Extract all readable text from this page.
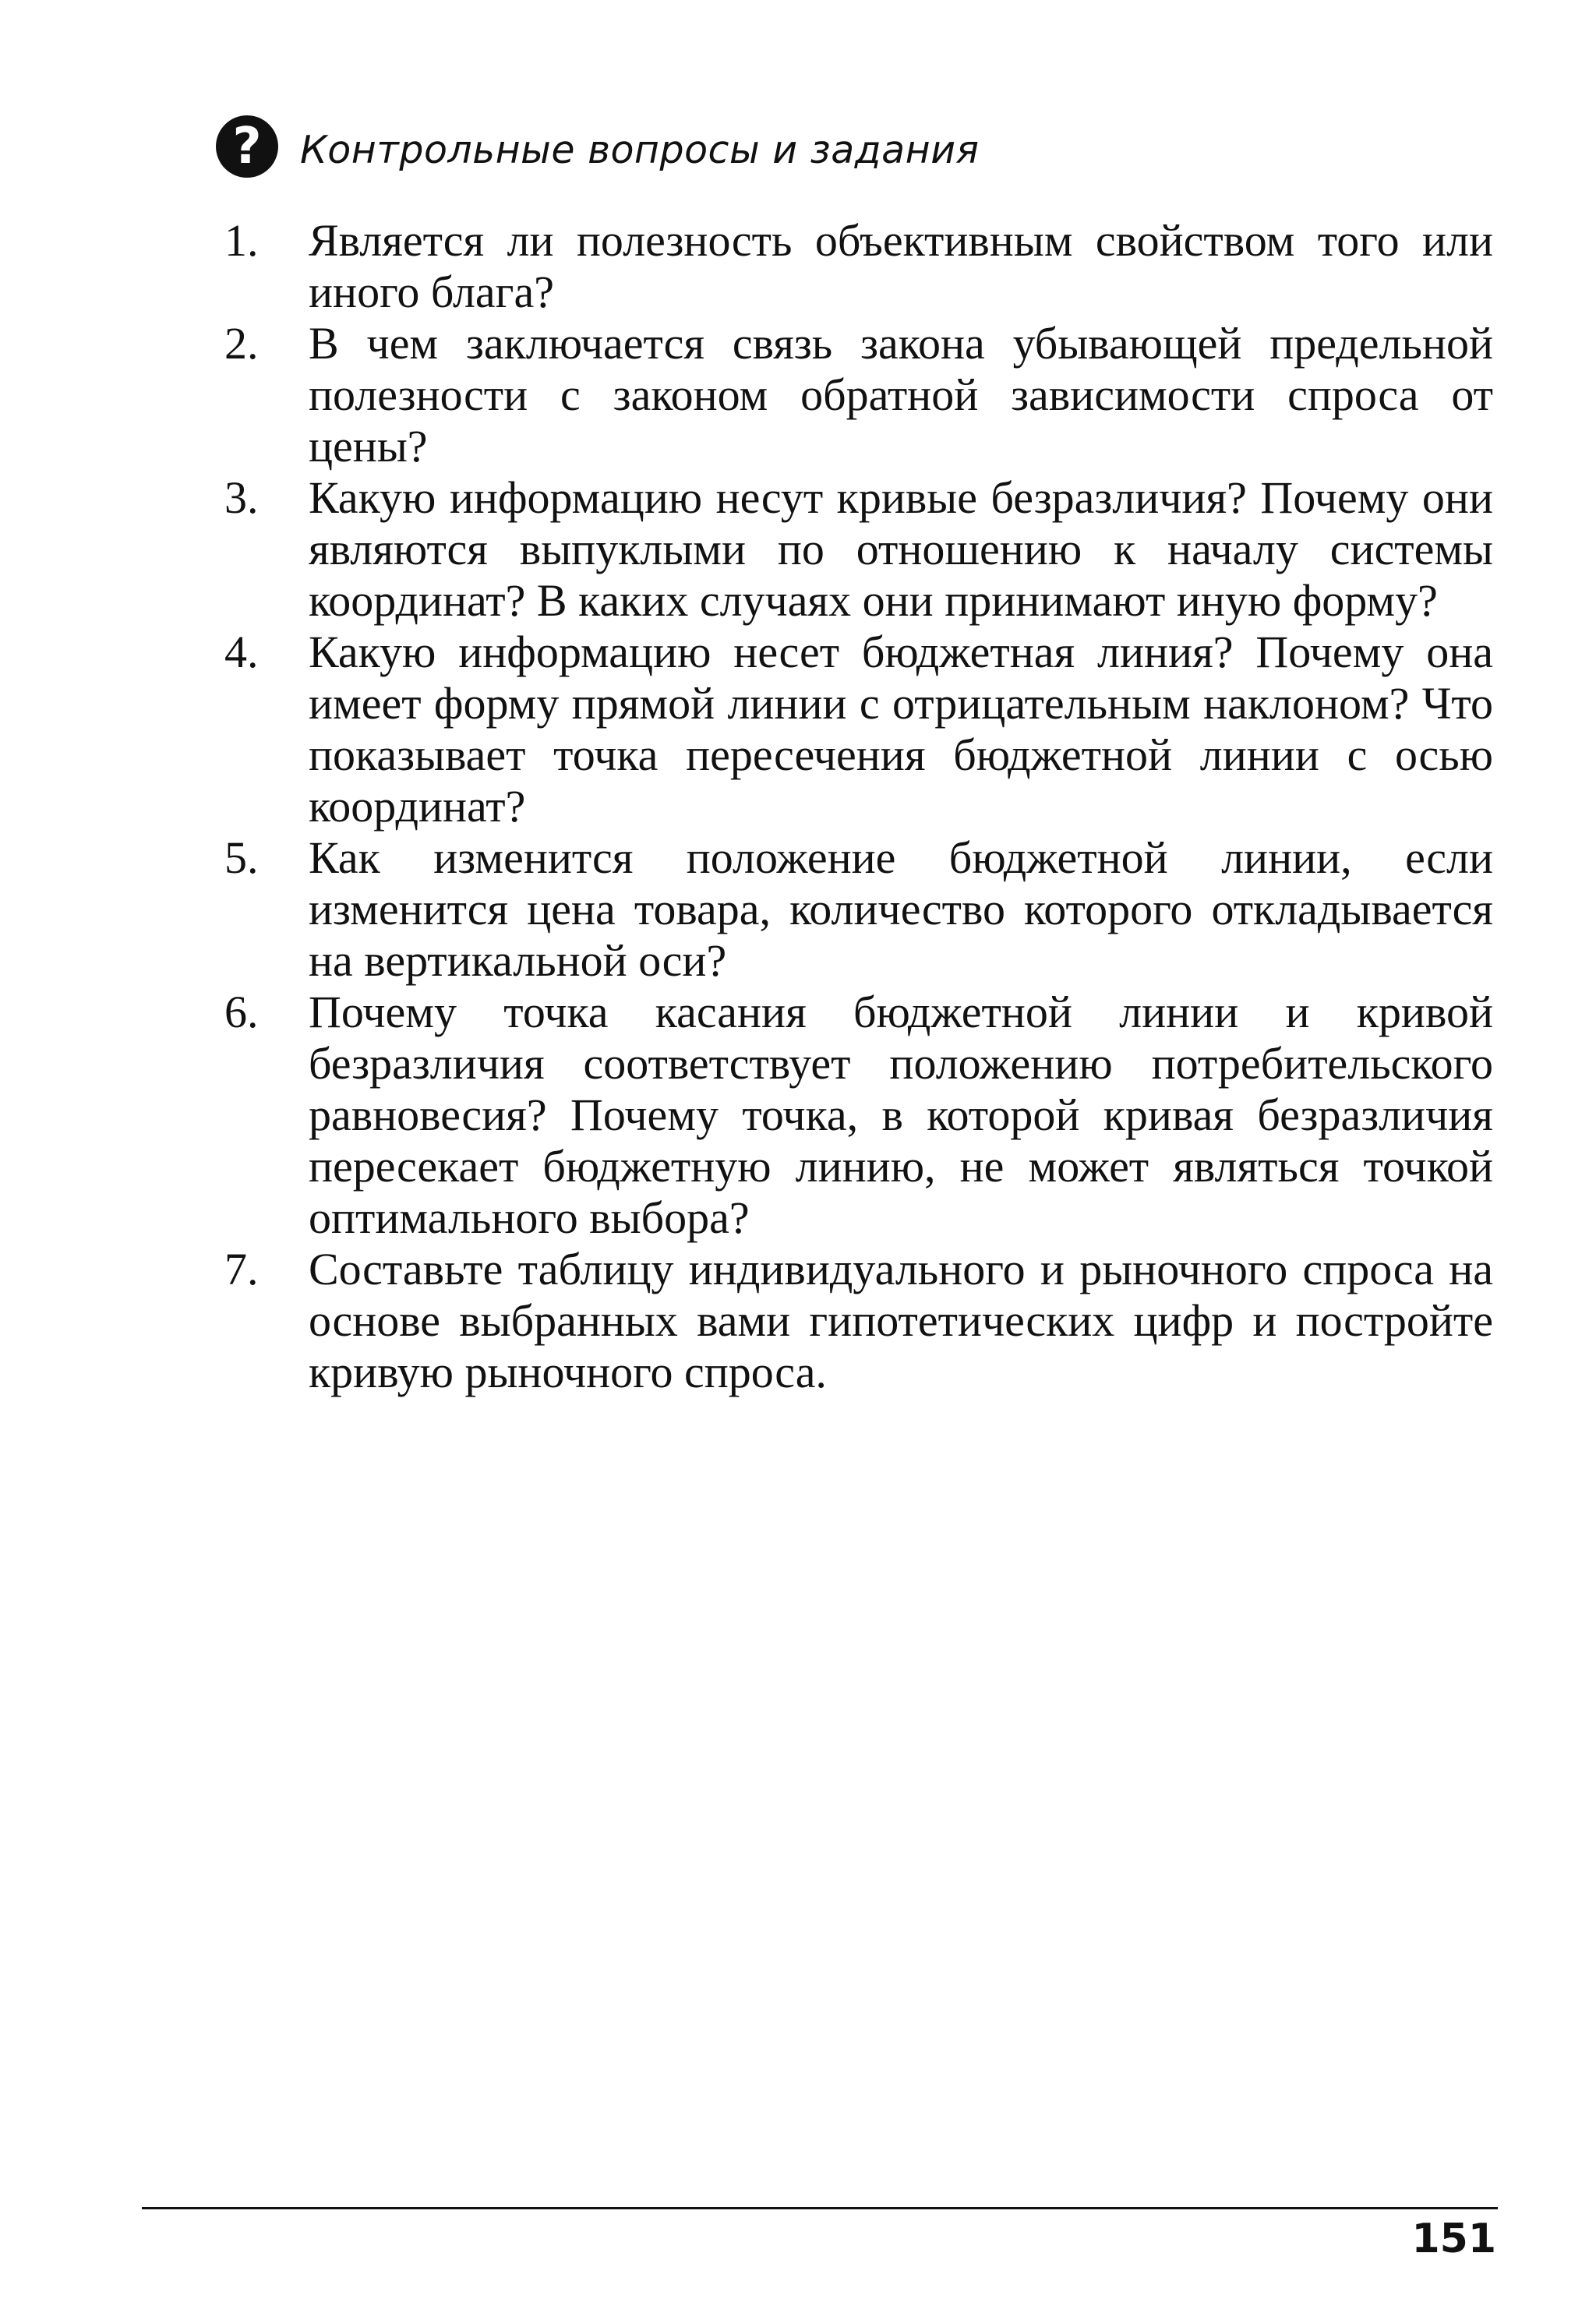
?	Контрольные вопросы и задания
1.	Является ли полезность объективным свойством того или иного блага?
2.	В чем заключается связь закона убывающей предельной полезности с законом обратной зависимости спроса от цены?
3.	Какую информацию несут кривые безразличия? Почему они являются выпуклыми по отношению к началу системы координат? В каких случаях они принимают иную форму?
4.	Какую информацию несет бюджетная линия? Почему она имеет форму прямой линии с отрицательным наклоном? Что показывает точка пересечения бюджетной линии с осью координат?
5.	Как изменится положение бюджетной линии, если изменится цена товара, количество которого откладывается на вертикальной оси?
6.	Почему точка касания бюджетной линии и кривой безразличия соответствует положению потребительского равновесия? Почему точка, в которой кривая безразличия пересекает бюджетную линию, не может являться точкой оптимального выбора?
7.	Составьте таблицу индивидуального и рыночного спроса на основе выбранных вами гипотетических цифр и постройте кривую рыночного спроса.
151
